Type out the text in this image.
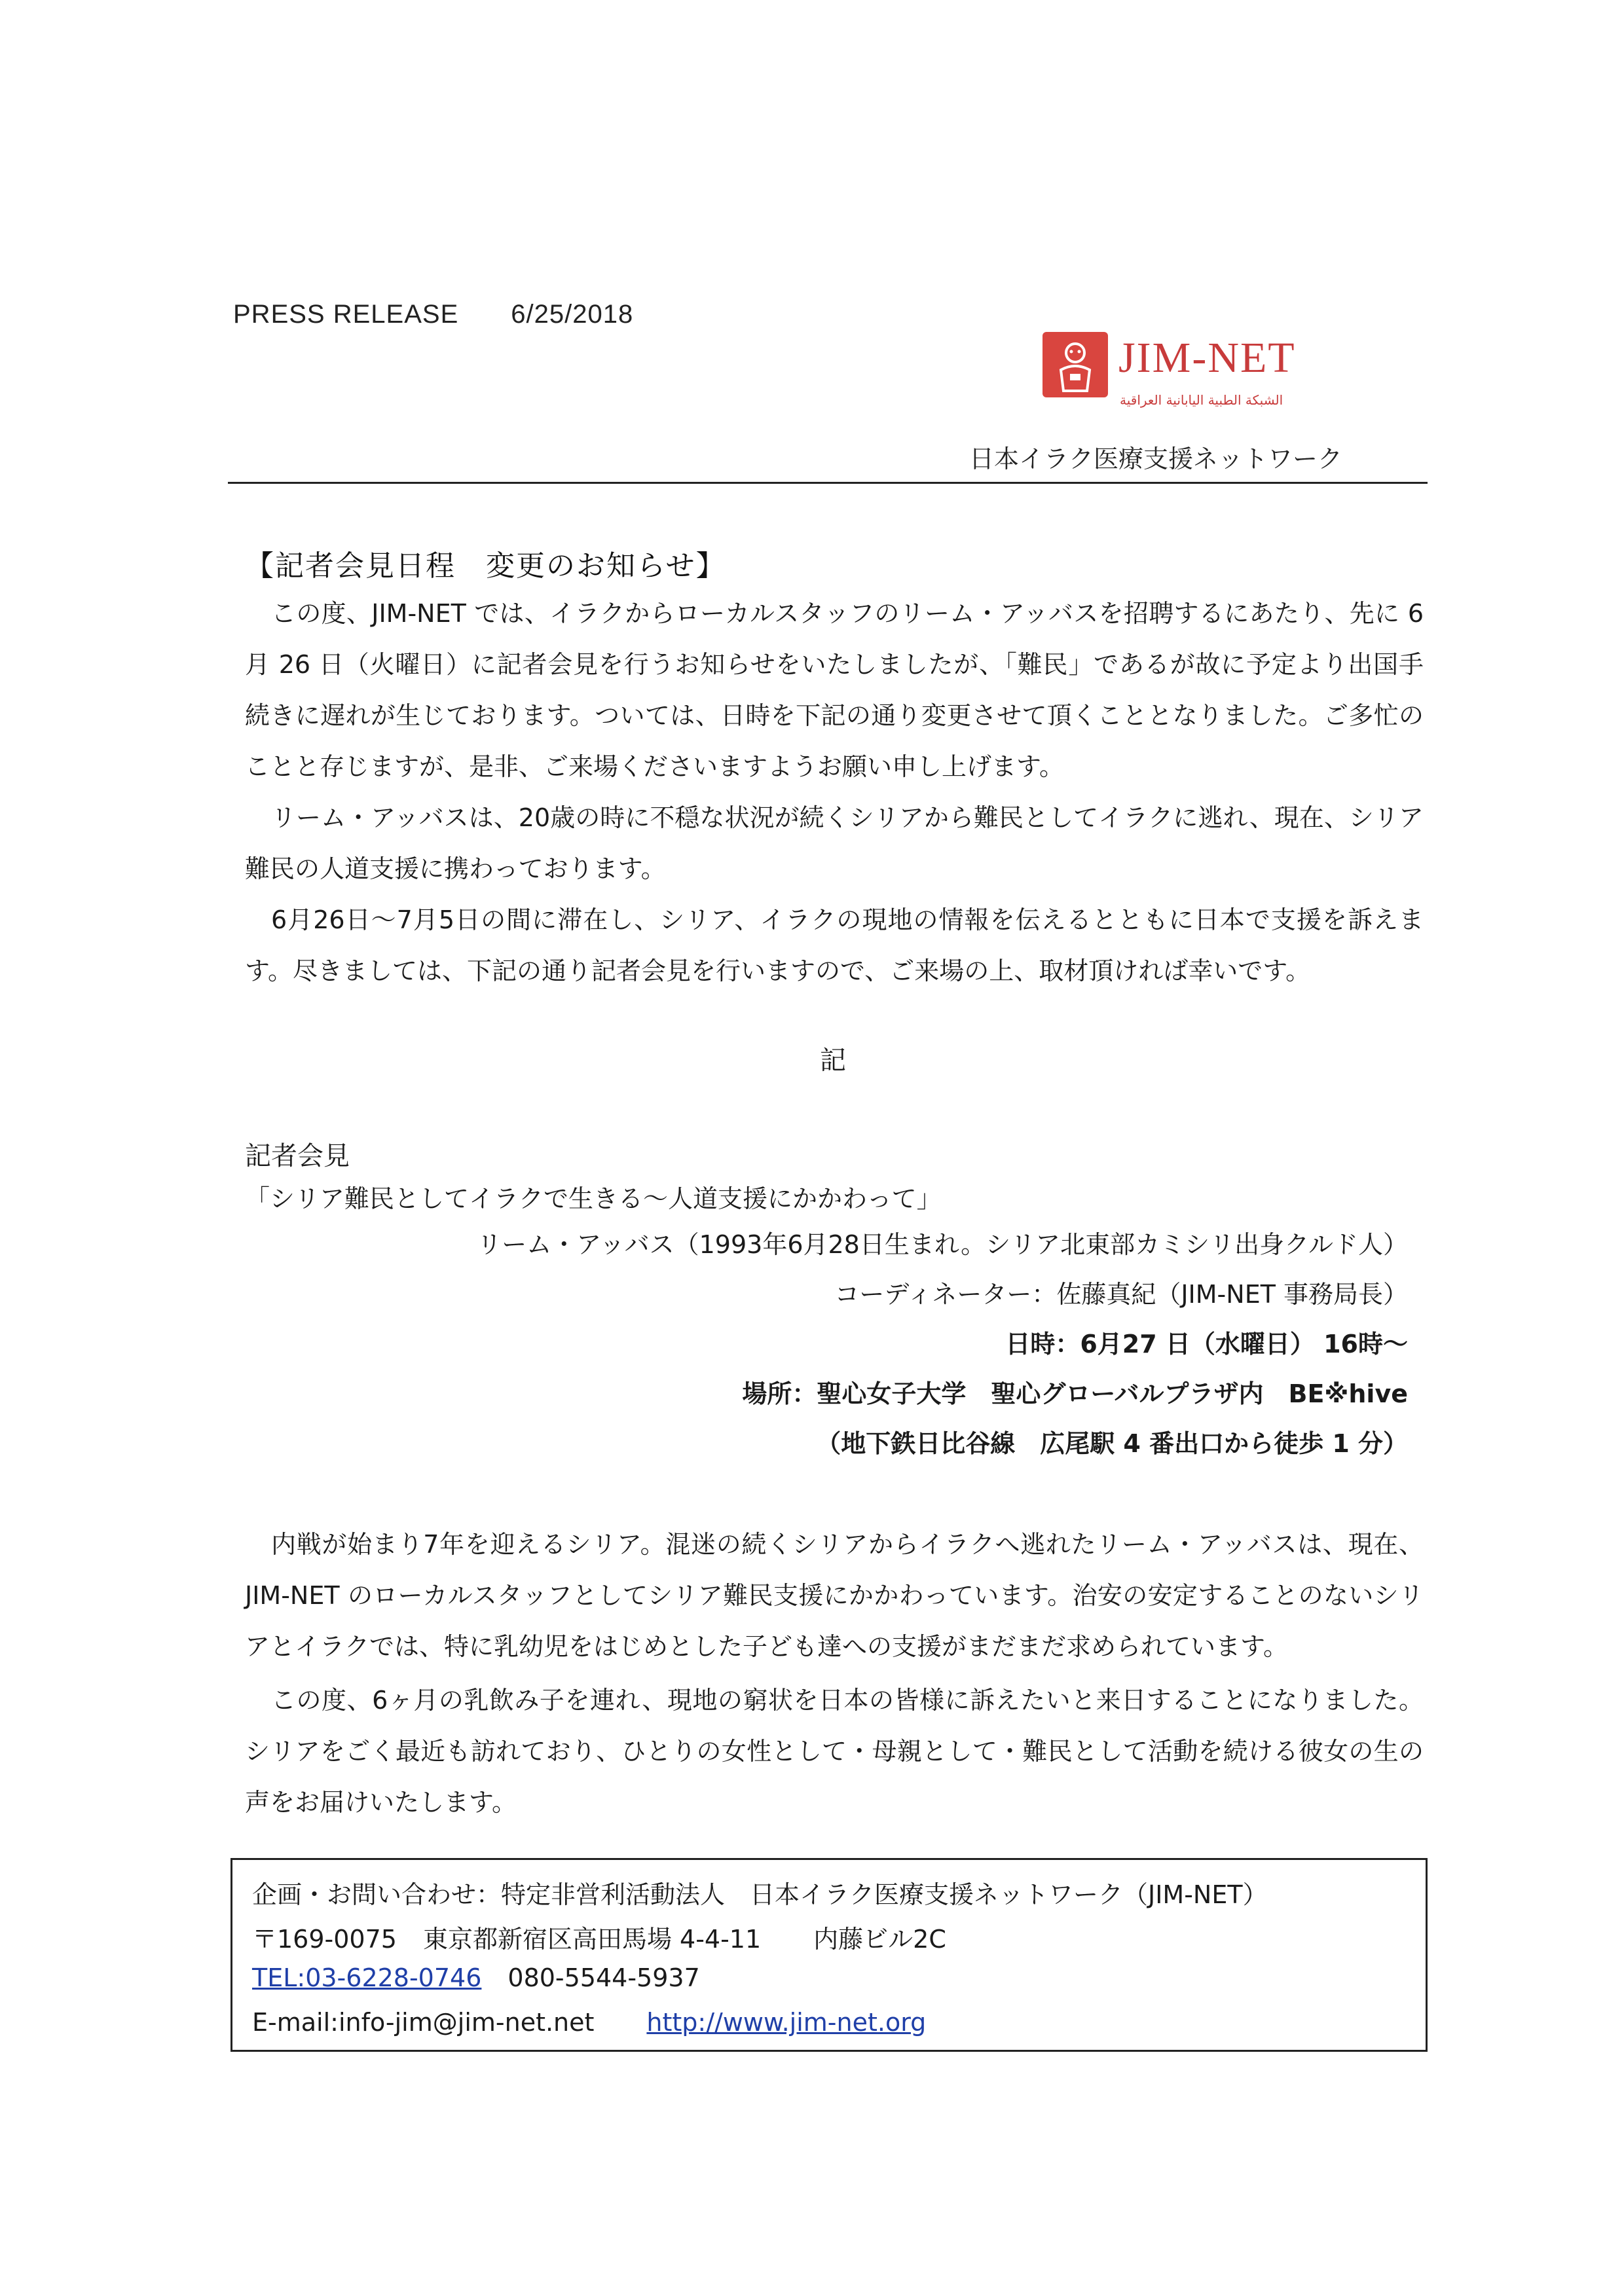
PRESS RELEASE 6/25/2018
JIM-NET
الشبكة الطبية اليابانية العراقية
日本イラク医療支援ネットワーク
【記者会見日程　変更のお知らせ】
この度、JIM-NET では、イラクからローカルスタッフのリーム・アッバスを招聘するにあたり、先に 6 月 26 日（火曜日）に記者会見を行うお知らせをいたしましたが、「難民」であるが故に予定より出国手続きに遅れが生じております。ついては、日時を下記の通り変更させて頂くこととなりました。ご多忙のことと存じますが、是非、ご来場くださいますようお願い申し上げます。
リーム・アッバスは、20歳の時に不穏な状況が続くシリアから難民としてイラクに逃れ、現在、シリア難民の人道支援に携わっております。
6月26日～7月5日の間に滞在し、シリア、イラクの現地の情報を伝えるとともに日本で支援を訴えます。尽きましては、下記の通り記者会見を行いますので、ご来場の上、取材頂ければ幸いです。
記
記者会見
「シリア難民としてイラクで生きる～人道支援にかかわって」
リーム・アッバス（1993年6月28日生まれ。シリア北東部カミシリ出身クルド人）
コーディネーター：佐藤真紀（JIM-NET 事務局長）
日時：6月27 日（水曜日） 16時～
場所：聖心女子大学　聖心グローバルプラザ内　BE※hive
（地下鉄日比谷線　広尾駅 4 番出口から徒歩 1 分）
内戦が始まり7年を迎えるシリア。混迷の続くシリアからイラクへ逃れたリーム・アッバスは、現在、JIM-NET のローカルスタッフとしてシリア難民支援にかかわっています。治安の安定することのないシリアとイラクでは、特に乳幼児をはじめとした子ども達への支援がまだまだ求められています。
この度、6ヶ月の乳飲み子を連れ、現地の窮状を日本の皆様に訴えたいと来日することになりました。シリアをごく最近も訪れており、ひとりの女性として・母親として・難民として活動を続ける彼女の生の声をお届けいたします。
企画・お問い合わせ：特定非営利活動法人　日本イラク医療支援ネットワーク（JIM-NET）
〒169-0075 東京都新宿区高田馬場 4-4-11 内藤ビル2C
TEL:03-6228-0746 080-5544-5937
E-mail:info-jim@jim-net.net http://www.jim-net.org
